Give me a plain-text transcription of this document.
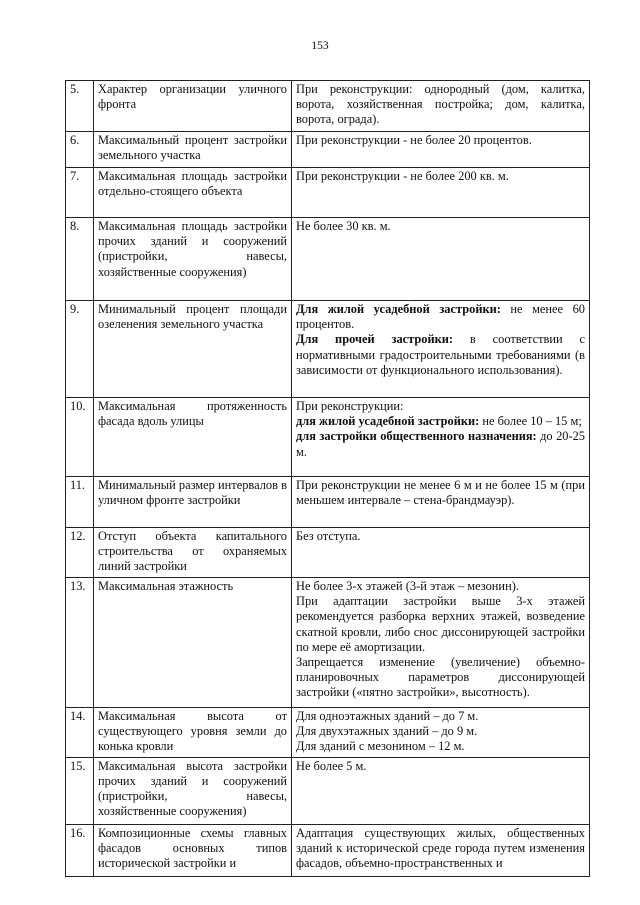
153
5.	Характер организации уличного фронта	При реконструкции: однородный (дом, калитка, ворота, хозяйственная постройка; дом, калитка, ворота, ограда).
6.	Максимальный процент застройки земельного участка	При реконструкции - не более 20 процентов.
7.	Максимальная площадь застройки отдельно-стоящего объекта	При реконструкции - не более 200 кв. м.
8.	Максимальная площадь застройки прочих зданий и сооружений (пристройки, навесы, хозяйственные сооружения)	Не более 30 кв. м.
9.	Минимальный процент площади озеленения земельного участка	Для жилой усадебной застройки: не менее 60 процентов.
Для прочей застройки: в соответствии с нормативными градостроительными требованиями (в зависимости от функционального использования).

10.	Максимальная протяженность фасада вдоль улицы	При реконструкции:
для жилой усадебной застройки: не более 10 – 15 м;
для застройки общественного назначения: до 20-25 м.

11.	Минимальный размер интервалов в уличном фронте застройки	При реконструкции не менее 6 м и не более 15 м (при меньшем интервале – стена-брандмауэр).
12.	Отступ объекта капитального строительства от охраняемых линий застройки	Без отступа.
13.	Максимальная этажность	Не более 3-х этажей (3-й этаж – мезонин).
При адаптации застройки выше 3-х этажей рекомендуется разборка верхних этажей, возведение скатной кровли, либо снос диссонирующей застройки по мере её амортизации.
Запрещается изменение (увеличение) объемно-планировочных параметров диссонирующей застройки («пятно застройки», высотность).

14.	Максимальная высота от существующего уровня земли до конька кровли	Для одноэтажных зданий – до 7 м.
Для двухэтажных зданий – до 9 м.
Для зданий с мезонином – 12 м.

15.	Максимальная высота застройки прочих зданий и сооружений (пристройки, навесы, хозяйственные сооружения)	Не более 5 м.
16.	Композиционные схемы главных фасадов основных типов исторической застройки и	Адаптация существующих жилых, общественных зданий к исторической среде города путем изменения фасадов, объемно-пространственных и
